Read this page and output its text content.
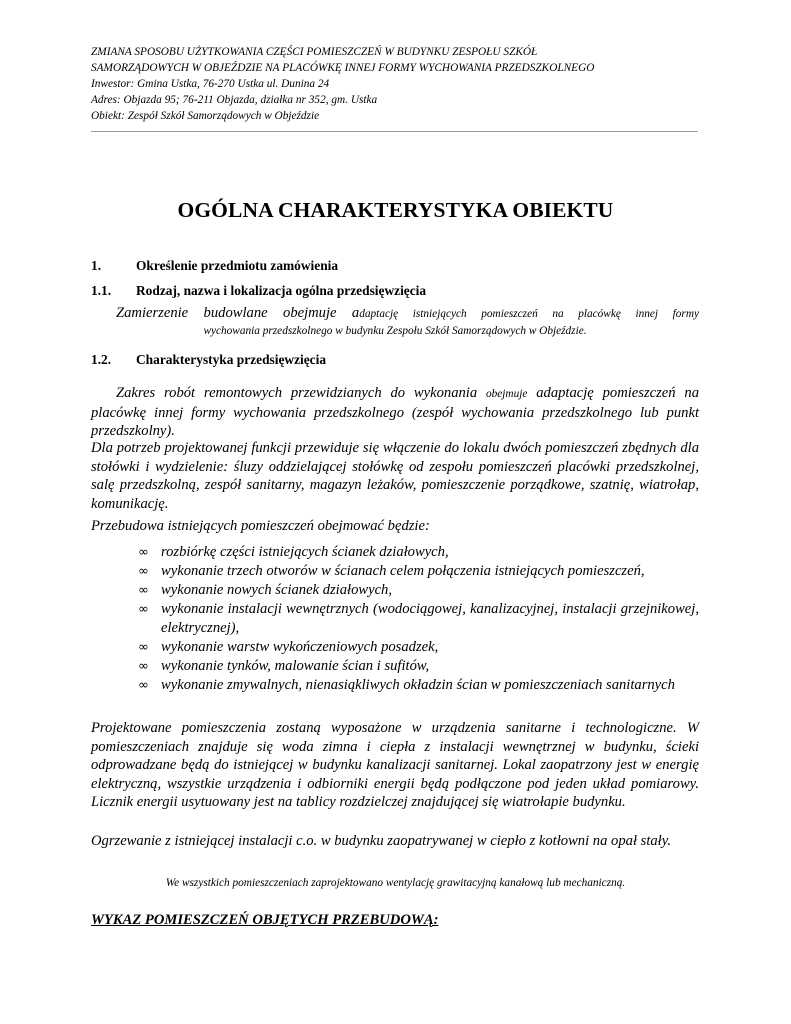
ZMIANA SPOSOBU UŻYTKOWANIA CZĘŚCI POMIESZCZEŃ W BUDYNKU ZESPOŁU SZKÓŁ
SAMORZĄDOWYCH W OBJEŹDZIE NA PLACÓWKĘ INNEJ FORMY WYCHOWANIA PRZEDSZKOLNEGO
Inwestor: Gmina Ustka, 76-270 Ustka ul. Dunina 24
Adres: Objazda 95; 76-211 Objazda, działka nr 352, gm. Ustka
Obiekt: Zespół Szkół Samorządowych w Objeździe
OGÓLNA CHARAKTERYSTYKA OBIEKTU
1.	Określenie przedmiotu zamówienia
1.1. Rodzaj, nazwa i lokalizacja ogólna przedsięwzięcia
Zamierzenie budowlane obejmuje adaptację istniejących pomieszczeń na placówkę innej formy
wychowania przedszkolnego w budynku Zespołu Szkół Samorządowych w Objeździe.
1.2. Charakterystyka przedsięwzięcia
Zakres robót remontowych przewidzianych do wykonania obejmuje adaptację pomieszczeń na
placówkę innej formy wychowania przedszkolnego (zespół wychowania przedszkolnego lub punkt
przedszkolny).
Dla potrzeb projektowanej funkcji przewiduje się włączenie do lokalu dwóch pomieszczeń zbędnych dla stołówki i wydzielenie: śluzy oddzielającej stołówkę od zespołu pomieszczeń placówki przedszkolnej, salę przedszkolną, zespół sanitarny, magazyn leżaków, pomieszczenie porządkowe, szatnię, wiatrołap, komunikację.
Przebudowa istniejących pomieszczeń obejmować będzie:
∞ rozbiórkę części istniejących ścianek działowych,
∞ wykonanie trzech otworów w ścianach celem połączenia istniejących pomieszczeń,
∞ wykonanie nowych ścianek działowych,
∞ wykonanie instalacji wewnętrznych (wodociągowej, kanalizacyjnej, instalacji grzejnikowej, elektrycznej),
∞ wykonanie warstw wykończeniowych posadzek,
∞ wykonanie tynków, malowanie ścian i sufitów,
∞ wykonanie zmywalnych, nienasiąkliwych okładzin ścian w pomieszczeniach sanitarnych
Projektowane pomieszczenia zostaną wyposażone w urządzenia sanitarne i technologiczne. W pomieszczeniach znajduje się woda zimna i ciepła z instalacji wewnętrznej w budynku, ścieki odprowadzane będą do istniejącej w budynku kanalizacji sanitarnej. Lokal zaopatrzony jest w energię elektryczną, wszystkie urządzenia i odbiorniki energii będą podłączone pod jeden układ pomiarowy. Licznik energii usytuowany jest na tablicy rozdzielczej znajdującej się wiatrołapie budynku.
Ogrzewanie z istniejącej instalacji c.o. w budynku zaopatrywanej w ciepło z kotłowni na opał stały.
We wszystkich pomieszczeniach zaprojektowano wentylację grawitacyjną kanałową lub mechaniczną.
WYKAZ POMIESZCZEŃ OBJĘTYCH PRZEBUDOWĄ:
